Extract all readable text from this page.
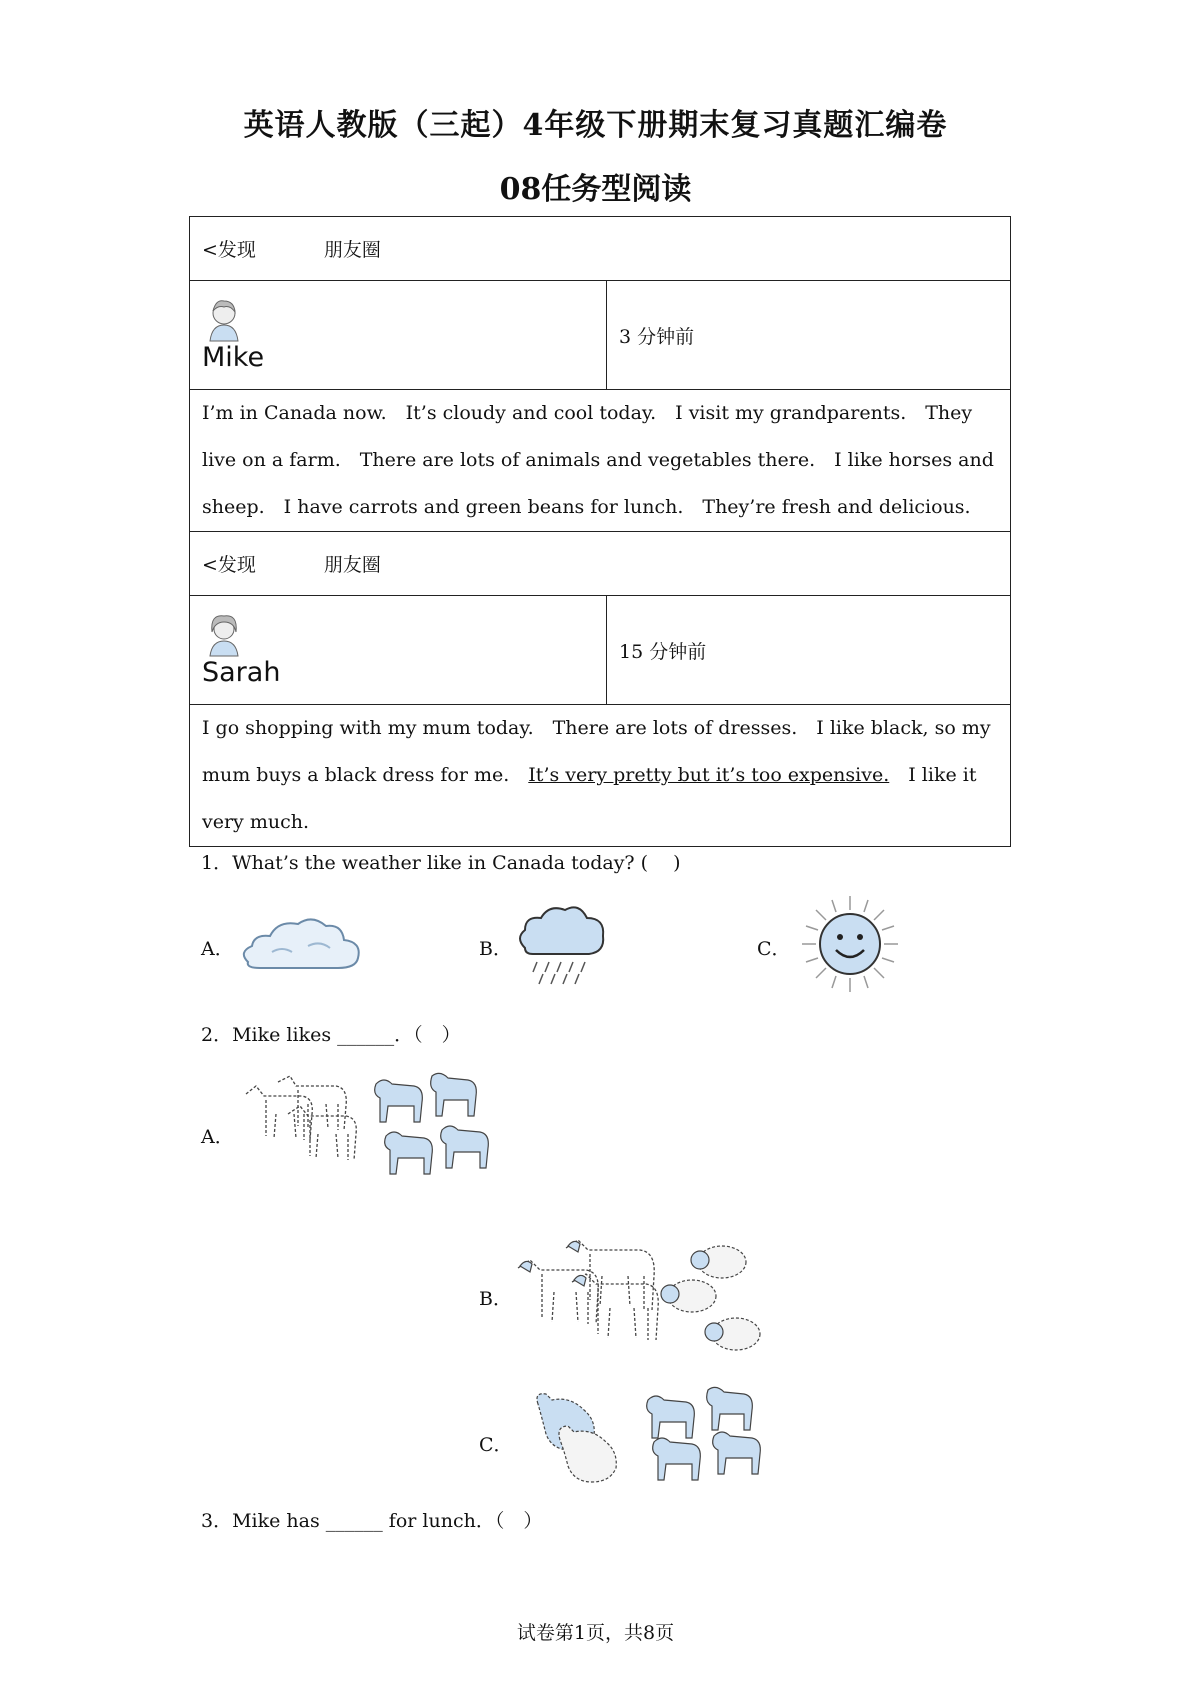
英语人教版（三起）4年级下册期末复习真题汇编卷
08任务型阅读
<发现 朋友圈	

Mike	3 分钟前
I’m in Canada now.　It’s cloudy and cool today.　I visit my grandparents.　They live on a farm.　There are lots of animals and vegetables there.　I like horses and sheep.　I have carrots and green beans for lunch.　They’re fresh and delicious.	
<发现 朋友圈	

Sarah	15 分钟前
I go shopping with my mum today.　There are lots of dresses.　I like black, so my mum buys a black dress for me.　It’s very pretty but it’s too expensive.　I like it very much.	
1．What’s the weather like in Canada today? (　 )
A．	B．	C．
2．Mike likes ______．（　）
A．
B．
C．
3．Mike has ______ for lunch．（　）
试卷第1页，共8页
